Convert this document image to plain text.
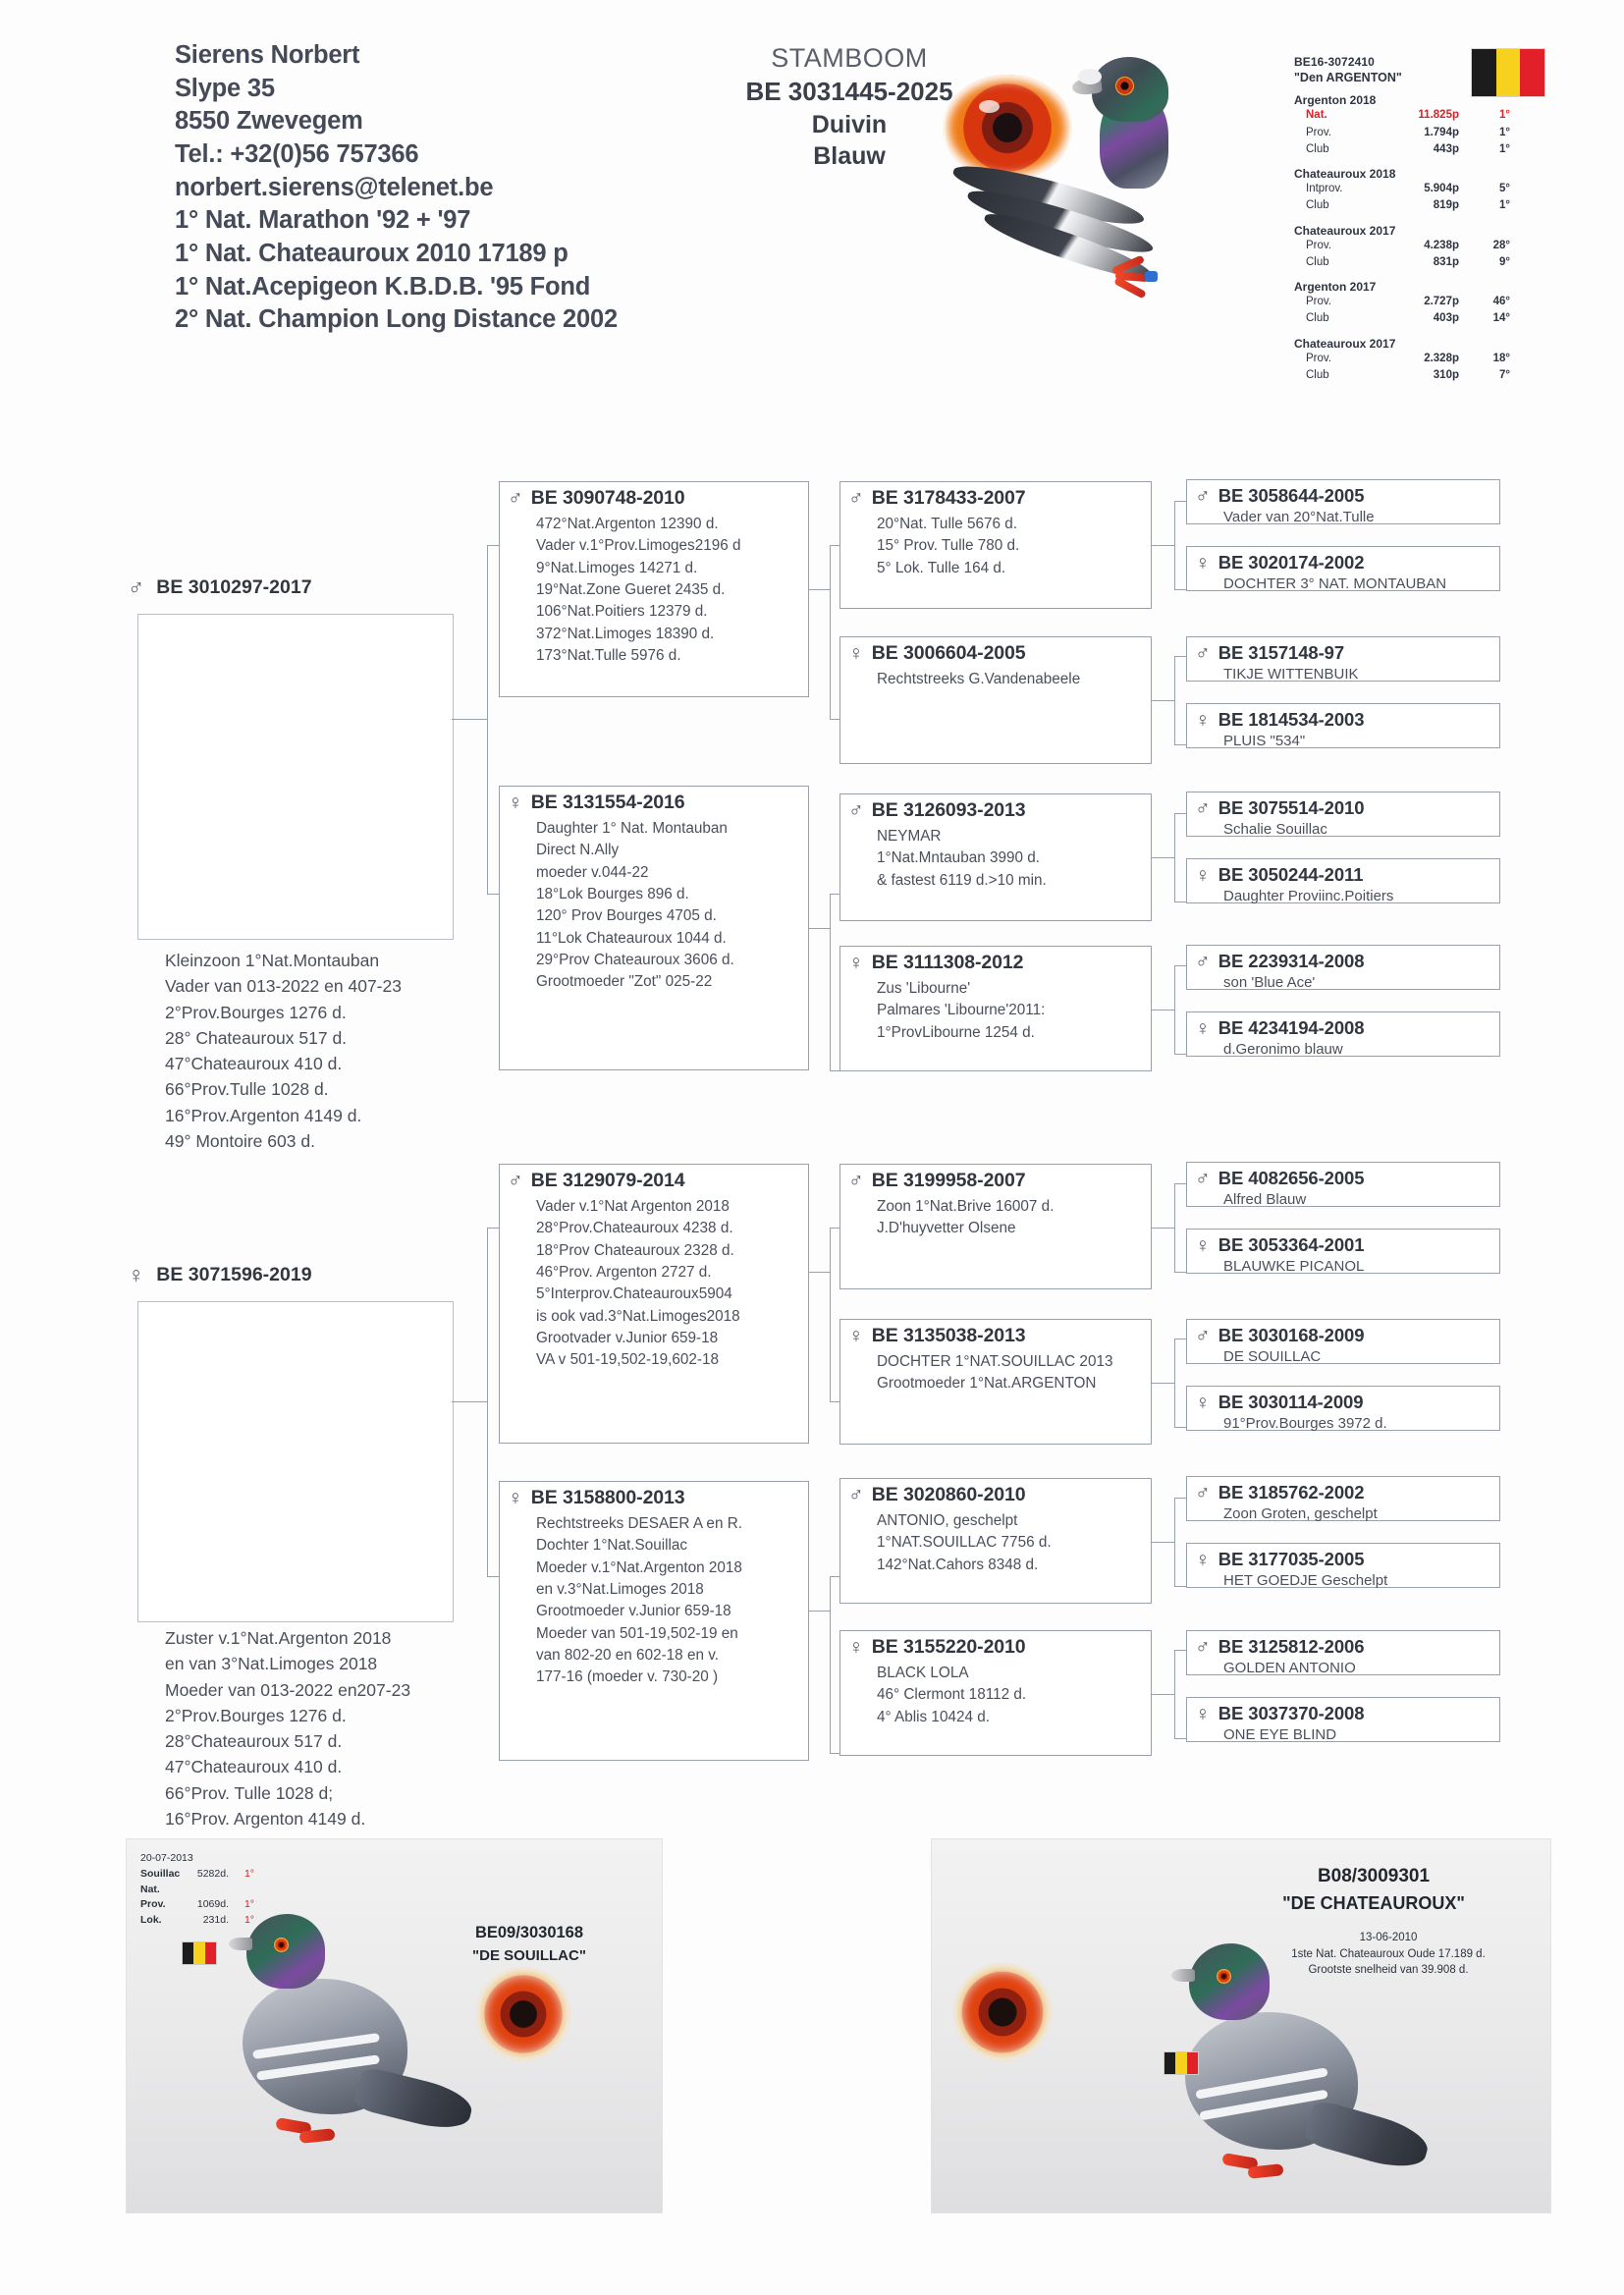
Sierens Norbert
Slype 35
8550 Zwevegem
Tel.: +32(0)56 757366
norbert.sierens@telenet.be
1° Nat. Marathon '92 + '97
1° Nat. Chateauroux 2010 17189 p
1° Nat.Acepigeon K.B.D.B. '95 Fond
2° Nat. Champion Long Distance 2002
STAMBOOM
BE 3031445-2025
Duivin
Blauw
BE16-3072410
"Den ARGENTON"
Argenton 2018
Nat.	11.825p	1°
Prov.	1.794p	1°
Club	443p	1°
Chateauroux 2018
Intprov.	5.904p	5°
Club	819p	1°
Chateauroux 2017
Prov.	4.238p	28°
Club	831p	9°
Argenton 2017
Prov.	2.727p	46°
Club	403p	14°
Chateauroux 2017
Prov.	2.328p	18°
Club	310p	7°
♂ BE 3010297-2017
Kleinzoon 1°Nat.Montauban
Vader van 013-2022 en 407-23
2°Prov.Bourges 1276 d.
28° Chateauroux 517 d.
47°Chateauroux 410 d.
66°Prov.Tulle 1028 d.
16°Prov.Argenton 4149 d.
49° Montoire 603 d.
♀ BE 3071596-2019
Zuster v.1°Nat.Argenton 2018
en van 3°Nat.Limoges 2018
Moeder van 013-2022 en207-23
2°Prov.Bourges 1276 d.
28°Chateauroux 517 d.
47°Chateauroux 410 d.
66°Prov. Tulle 1028 d;
16°Prov. Argenton 4149 d.
♂ BE 3090748-2010
472°Nat.Argenton 12390 d.
Vader v.1°Prov.Limoges2196 d
9°Nat.Limoges 14271 d.
19°Nat.Zone Gueret 2435 d.
106°Nat.Poitiers 12379 d.
372°Nat.Limoges 18390 d.
173°Nat.Tulle 5976 d.
♀ BE 3131554-2016
Daughter 1° Nat. Montauban
Direct N.Ally
moeder v.044-22
18°Lok Bourges 896 d.
120° Prov Bourges 4705 d.
11°Lok Chateauroux 1044 d.
29°Prov Chateauroux 3606 d.
Grootmoeder "Zot" 025-22
♂ BE 3129079-2014
Vader v.1°Nat Argenton 2018
28°Prov.Chateauroux 4238 d.
18°Prov Chateauroux 2328 d.
46°Prov. Argenton 2727 d.
5°Interprov.Chateauroux5904
is ook vad.3°Nat.Limoges2018
Grootvader v.Junior 659-18
VA v 501-19,502-19,602-18
♀ BE 3158800-2013
Rechtstreeks DESAER A en R.
Dochter 1°Nat.Souillac
Moeder v.1°Nat.Argenton 2018
en v.3°Nat.Limoges 2018
Grootmoeder v.Junior 659-18
Moeder van 501-19,502-19 en
van 802-20 en 602-18 en v.
177-16 (moeder v. 730-20 )
♂ BE 3178433-2007
20°Nat. Tulle 5676 d.
15° Prov. Tulle 780 d.
5° Lok. Tulle 164 d.
♀ BE 3006604-2005
Rechtstreeks G.Vandenabeele
♂ BE 3126093-2013
NEYMAR
1°Nat.Mntauban 3990 d.
& fastest 6119 d.>10 min.
♀ BE 3111308-2012
Zus 'Libourne'
Palmares 'Libourne'2011:
1°ProvLibourne 1254 d.
♂ BE 3199958-2007
Zoon 1°Nat.Brive 16007 d.
J.D'huyvetter Olsene
♀ BE 3135038-2013
DOCHTER 1°NAT.SOUILLAC 2013
Grootmoeder 1°Nat.ARGENTON
♂ BE 3020860-2010
ANTONIO, geschelpt
1°NAT.SOUILLAC 7756 d.
142°Nat.Cahors 8348 d.
♀ BE 3155220-2010
BLACK LOLA
46° Clermont 18112 d.
4° Ablis 10424 d.
♂ BE 3058644-2005
Vader van 20°Nat.Tulle
♀ BE 3020174-2002
DOCHTER 3° NAT. MONTAUBAN
♂ BE 3157148-97
TIKJE WITTENBUIK
♀ BE 1814534-2003
PLUIS "534"
♂ BE 3075514-2010
Schalie Souillac
♀ BE 3050244-2011
Daughter Proviinc.Poitiers
♂ BE 2239314-2008
son 'Blue Ace'
♀ BE 4234194-2008
d.Geronimo blauw
♂ BE 4082656-2005
Alfred Blauw
♀ BE 3053364-2001
BLAUWKE PICANOL
♂ BE 3030168-2009
DE SOUILLAC
♀ BE 3030114-2009
91°Prov.Bourges 3972 d.
♂ BE 3185762-2002
Zoon Groten, geschelpt
♀ BE 3177035-2005
HET GOEDJE Geschelpt
♂ BE 3125812-2006
GOLDEN ANTONIO
♀ BE 3037370-2008
ONE EYE BLIND
20-07-2013
Souillac Nat.
5282d.	1°
Prov.	1069d.	1°
Lok.	231d.	1°
BE09/3030168
"DE SOUILLAC"
B08/3009301
"DE CHATEAUROUX"
13-06-2010
1ste Nat. Chateauroux Oude 17.189 d.
Grootste snelheid van 39.908 d.
